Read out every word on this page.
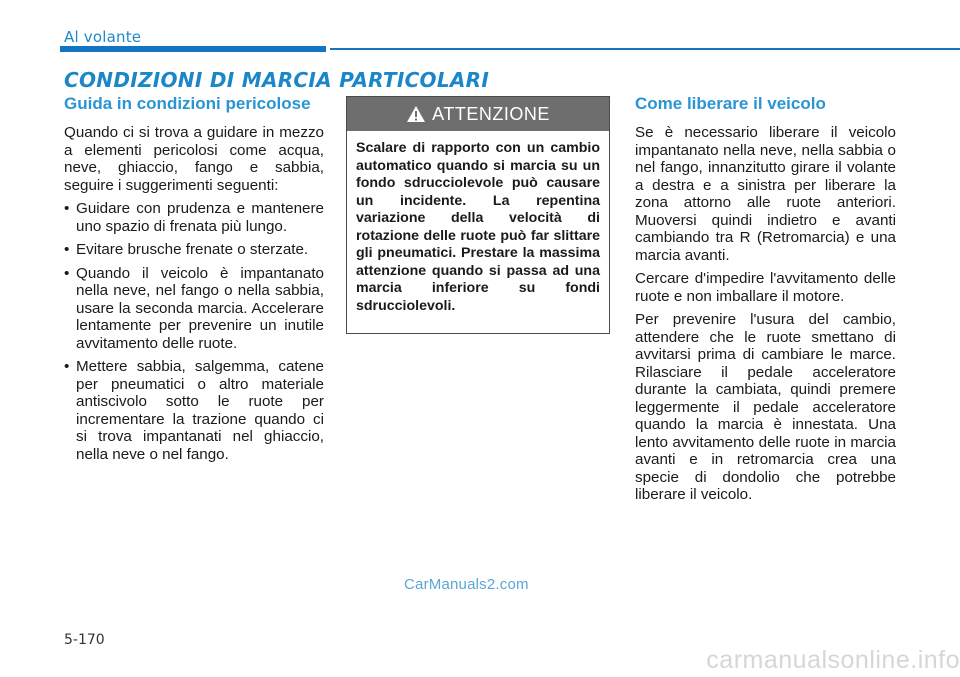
Al volante
CONDIZIONI DI MARCIA PARTICOLARI
Guida in condizioni pericolose

Quando ci si trova a guidare in mezzo a elementi pericolosi come acqua, neve, ghiaccio, fango e sabbia, seguire i suggerimenti seguenti:

• Guidare con prudenza e mantenere uno spazio di frenata più lungo.
• Evitare brusche frenate o sterzate.
• Quando il veicolo è impantanato nella neve, nel fango o nella sabbia, usare la seconda marcia. Accelerare lentamente per prevenire un inutile avvitamento delle ruote.
• Mettere sabbia, salgemma, catene per pneumatici o altro materiale antiscivolo sotto le ruote per incrementare la trazione quando ci si trova impantanati nel ghiaccio, nella neve o nel fango.
ATTENZIONE
Scalare di rapporto con un cambio automatico quando si marcia su un fondo sdrucciolevole può causare un incidente. La repentina variazione della velocità di rotazione delle ruote può far slittare gli pneumatici. Prestare la massima attenzione quando si passa ad una marcia inferiore su fondi sdrucciolevoli.
Come liberare il veicolo

Se è necessario liberare il veicolo impantanato nella neve, nella sabbia o nel fango, innanzitutto girare il volante a destra e a sinistra per liberare la zona attorno alle ruote anteriori. Muoversi quindi indietro e avanti cambiando tra R (Retromarcia) e una marcia avanti.

Cercare d'impedire l'avvitamento delle ruote e non imballare il motore.

Per prevenire l'usura del cambio, attendere che le ruote smettano di avvitarsi prima di cambiare le marce. Rilasciare il pedale acceleratore durante la cambiata, quindi premere leggermente il pedale acceleratore quando la marcia è innestata. Una lento avvitamento delle ruote in marcia avanti e in retromarcia crea una specie di dondolio che potrebbe liberare il veicolo.

CarManuals2.com
5-170
carmanualsonline.info
